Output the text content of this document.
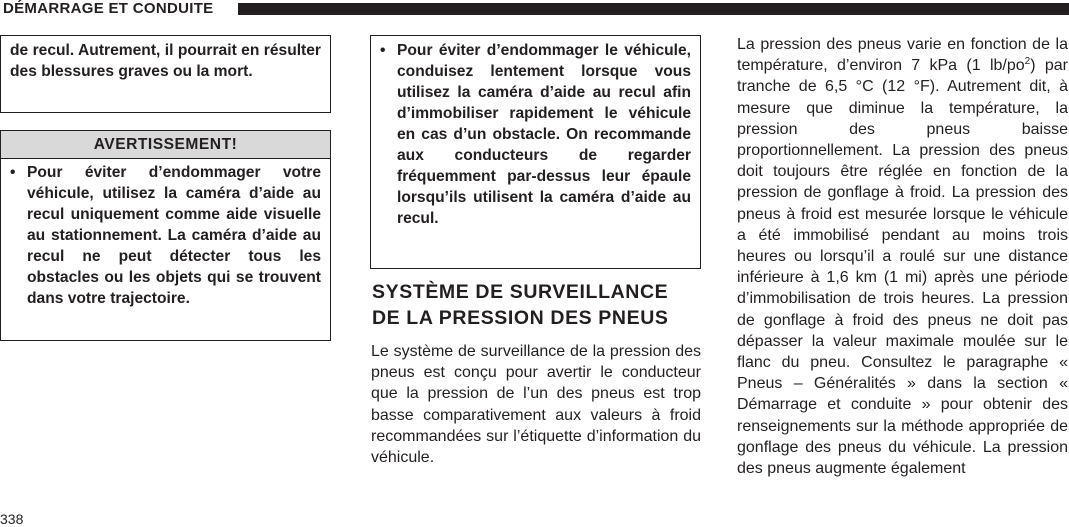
DÉMARRAGE ET CONDUITE
de recul. Autrement, il pourrait en résulter des blessures graves ou la mort.
AVERTISSEMENT!
• Pour éviter d’endommager votre véhicule, utilisez la caméra d’aide au recul uniquement comme aide visuelle au stationnement. La caméra d’aide au recul ne peut détecter tous les obstacles ou les objets qui se trouvent dans votre trajectoire.
• Pour éviter d’endommager le véhicule, conduisez lentement lorsque vous utilisez la caméra d’aide au recul afin d’immobiliser rapidement le véhicule en cas d’un obstacle. On recommande aux conducteurs de regarder fréquemment par-dessus leur épaule lorsqu’ils utilisent la caméra d’aide au recul.
SYSTÈME DE SURVEILLANCE
DE LA PRESSION DES PNEUS
Le système de surveillance de la pression des pneus est conçu pour avertir le conducteur que la pression de l’un des pneus est trop basse comparativement aux valeurs à froid recommandées sur l’étiquette d’information du véhicule.
La pression des pneus varie en fonction de la température, d’environ 7 kPa (1 $lb/po^2$) par tranche de 6,5 °C (12 °F). Autrement dit, à mesure que diminue la température, la pression des pneus baisse proportionnellement. La pression des pneus doit toujours être réglée en fonction de la pression de gonflage à froid. La pression des pneus à froid est mesurée lorsque le véhicule a été immobilisé pendant au moins trois heures ou lorsqu’il a roulé sur une distance inférieure à 1,6 km (1 mi) après une période d’immobilisation de trois heures. La pression de gonflage à froid des pneus ne doit pas dépasser la valeur maximale moulée sur le flanc du pneu. Consultez le paragraphe « Pneus – Généralités » dans la section « Démarrage et conduite » pour obtenir des renseignements sur la méthode appropriée de gonflage des pneus du véhicule. La pression des pneus augmente également
338
